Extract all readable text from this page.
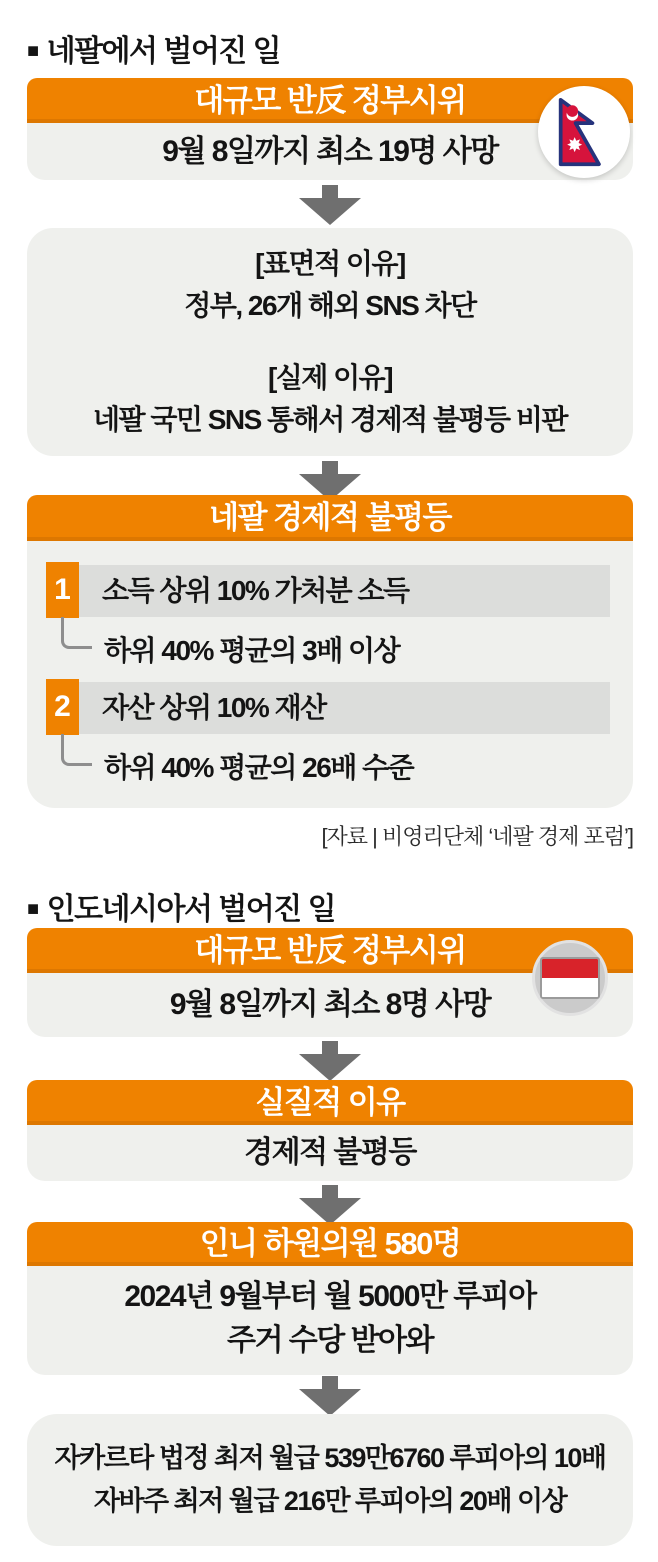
■ 네팔에서 벌어진 일
대규모 반反 정부시위
9월 8일까지 최소 19명 사망

[표면적 이유]

정부, 26개 해외 SNS 차단

[실제 이유]

네팔 국민 SNS 통해서 경제적 불평등 비판

네팔 경제적 불평등
1 소득 상위 10% 가처분 소득
하위 40% 평균의 3배 이상
2 자산 상위 10% 재산
하위 40% 평균의 26배 수준
[자료 | 비영리단체 ‘네팔 경제 포럼’]
■ 인도네시아서 벌어진 일
대규모 반反 정부시위
9월 8일까지 최소 8명 사망
실질적 이유
경제적 불평등
인니 하원의원 580명
2024년 9월부터 월 5000만 루피아
주거 수당 받아와

자카르타 법정 최저 월급 539만6760 루피아의 10배

자바주 최저 월급 216만 루피아의 20배 이상
